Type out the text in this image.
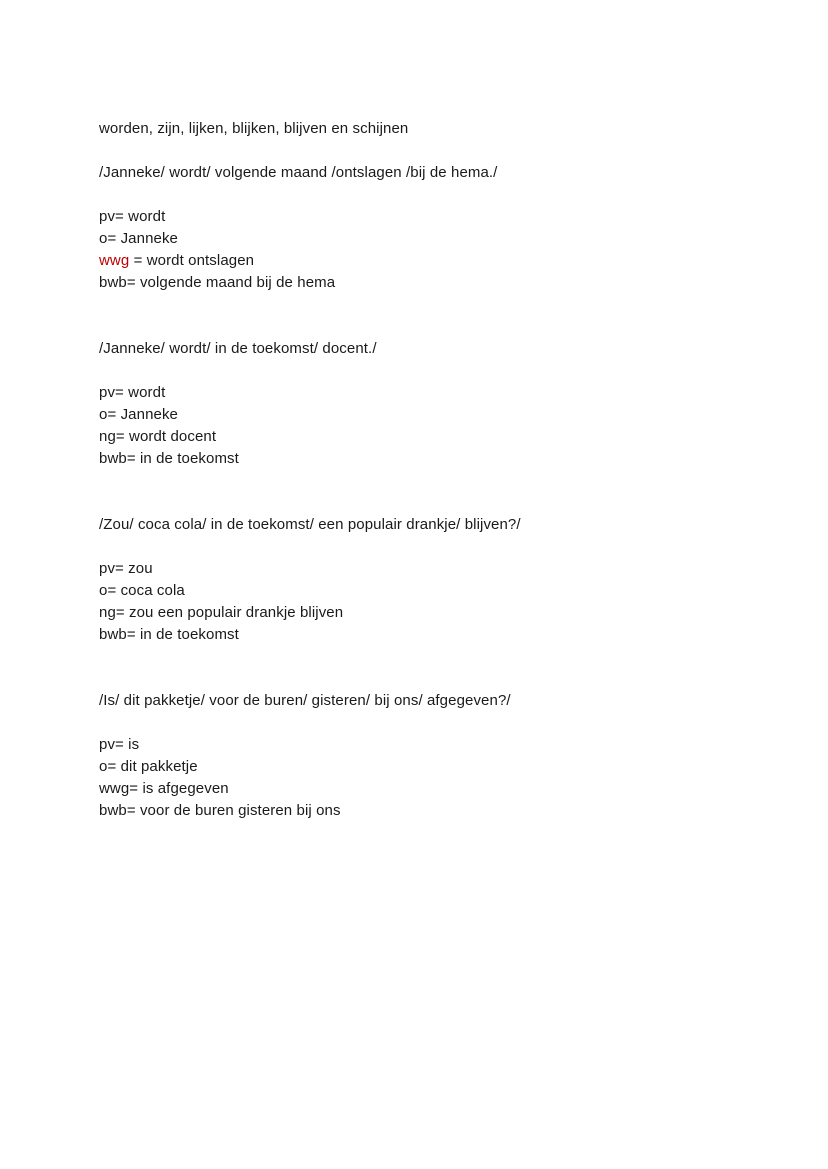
worden, zijn, lijken, blijken, blijven en schijnen

/Janneke/ wordt/ volgende maand /ontslagen /bij de hema./
pv= wordt
o= Janneke
wwg = wordt ontslagen
bwb= volgende maand bij de hema

/Janneke/ wordt/ in de toekomst/ docent./
pv= wordt
o= Janneke
ng= wordt docent
bwb= in de toekomst

/Zou/ coca cola/ in de toekomst/ een populair drankje/ blijven?/
pv= zou
o= coca cola
ng= zou een populair drankje blijven
bwb= in de toekomst

/Is/ dit pakketje/ voor de buren/ gisteren/ bij ons/ afgegeven?/
pv= is
o= dit pakketje
wwg= is afgegeven
bwb= voor de buren gisteren bij ons
